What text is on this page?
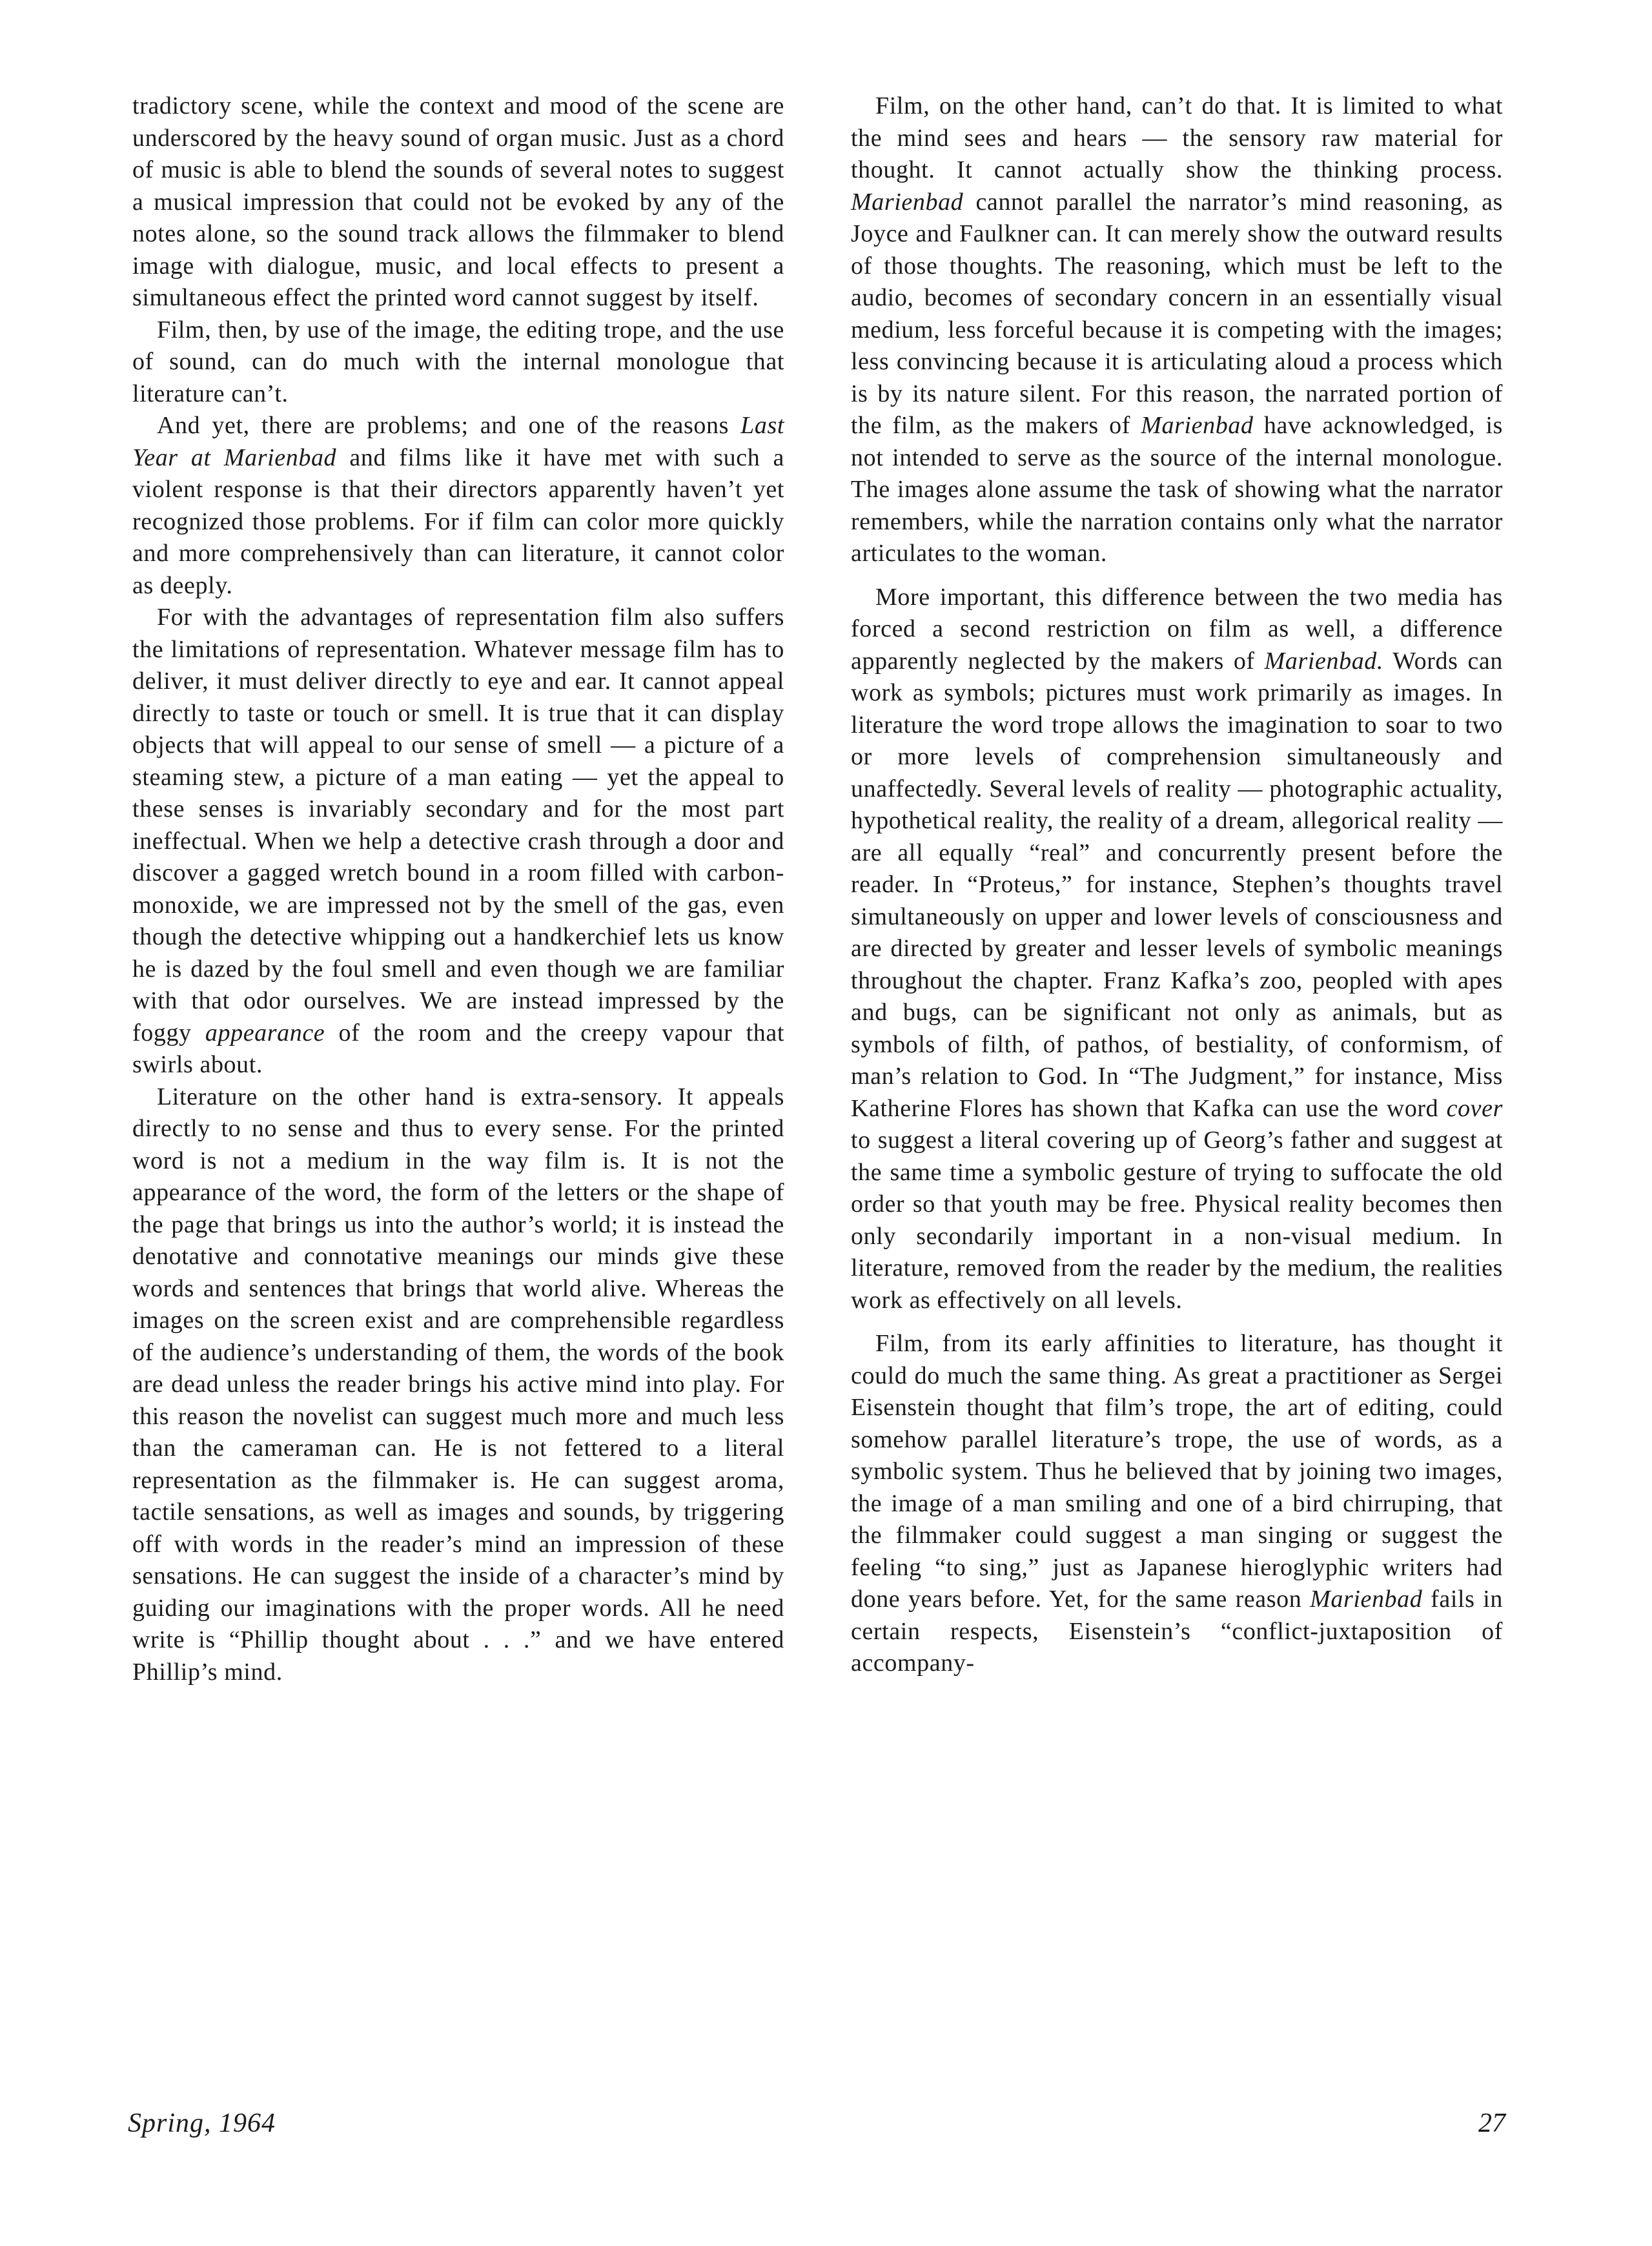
tradictory scene, while the context and mood of the scene are underscored by the heavy sound of organ music. Just as a chord of music is able to blend the sounds of several notes to suggest a musical impression that could not be evoked by any of the notes alone, so the sound track allows the filmmaker to blend image with dialogue, music, and local effects to present a simultaneous effect the printed word cannot suggest by itself.

Film, then, by use of the image, the editing trope, and the use of sound, can do much with the internal monologue that literature can’t.

And yet, there are problems; and one of the reasons Last Year at Marienbad and films like it have met with such a violent response is that their directors apparently haven’t yet recognized those problems. For if film can color more quickly and more comprehensively than can literature, it cannot color as deeply.

For with the advantages of representation film also suffers the limitations of representation. Whatever message film has to deliver, it must deliver directly to eye and ear. It cannot appeal directly to taste or touch or smell. It is true that it can display objects that will appeal to our sense of smell — a picture of a steaming stew, a picture of a man eating — yet the appeal to these senses is invariably secondary and for the most part ineffectual. When we help a detective crash through a door and discover a gagged wretch bound in a room filled with carbon-monoxide, we are impressed not by the smell of the gas, even though the detective whipping out a handkerchief lets us know he is dazed by the foul smell and even though we are familiar with that odor ourselves. We are instead impressed by the foggy appearance of the room and the creepy vapour that swirls about.

Literature on the other hand is extra-sensory. It appeals directly to no sense and thus to every sense. For the printed word is not a medium in the way film is. It is not the appearance of the word, the form of the letters or the shape of the page that brings us into the author’s world; it is instead the denotative and connotative meanings our minds give these words and sentences that brings that world alive. Whereas the images on the screen exist and are comprehensible regardless of the audience’s understanding of them, the words of the book are dead unless the reader brings his active mind into play. For this reason the novelist can suggest much more and much less than the cameraman can. He is not fettered to a literal representation as the filmmaker is. He can suggest aroma, tactile sensations, as well as images and sounds, by triggering off with words in the reader’s mind an impression of these sensations. He can suggest the inside of a character’s mind by guiding our imaginations with the proper words. All he need write is “Phillip thought about . . .” and we have entered Phillip’s mind.

Film, on the other hand, can’t do that. It is limited to what the mind sees and hears — the sensory raw material for thought. It cannot actually show the thinking process. Marienbad cannot parallel the narrator’s mind reasoning, as Joyce and Faulkner can. It can merely show the outward results of those thoughts. The reasoning, which must be left to the audio, becomes of secondary concern in an essentially visual medium, less forceful because it is competing with the images; less convincing because it is articulating aloud a process which is by its nature silent. For this reason, the narrated portion of the film, as the makers of Marienbad have acknowledged, is not intended to serve as the source of the internal monologue. The images alone assume the task of showing what the narrator remembers, while the narration contains only what the narrator articulates to the woman.

More important, this difference between the two media has forced a second restriction on film as well, a difference apparently neglected by the makers of Marienbad. Words can work as symbols; pictures must work primarily as images. In literature the word trope allows the imagination to soar to two or more levels of comprehension simultaneously and unaffectedly. Several levels of reality — photographic actuality, hypothetical reality, the reality of a dream, allegorical reality — are all equally “real” and concurrently present before the reader. In “Proteus,” for instance, Stephen’s thoughts travel simultaneously on upper and lower levels of consciousness and are directed by greater and lesser levels of symbolic meanings throughout the chapter. Franz Kafka’s zoo, peopled with apes and bugs, can be significant not only as animals, but as symbols of filth, of pathos, of bestiality, of conformism, of man’s relation to God. In “The Judgment,” for instance, Miss Katherine Flores has shown that Kafka can use the word cover to suggest a literal covering up of Georg’s father and suggest at the same time a symbolic gesture of trying to suffocate the old order so that youth may be free. Physical reality becomes then only secondarily important in a non-visual medium. In literature, removed from the reader by the medium, the realities work as effectively on all levels.

Film, from its early affinities to literature, has thought it could do much the same thing. As great a practitioner as Sergei Eisenstein thought that film’s trope, the art of editing, could somehow parallel literature’s trope, the use of words, as a symbolic system. Thus he believed that by joining two images, the image of a man smiling and one of a bird chirruping, that the filmmaker could suggest a man singing or suggest the feeling “to sing,” just as Japanese hieroglyphic writers had done years before. Yet, for the same reason Marienbad fails in certain respects, Eisenstein’s “conflict-juxtaposition of accompany-

Spring, 1964	27
